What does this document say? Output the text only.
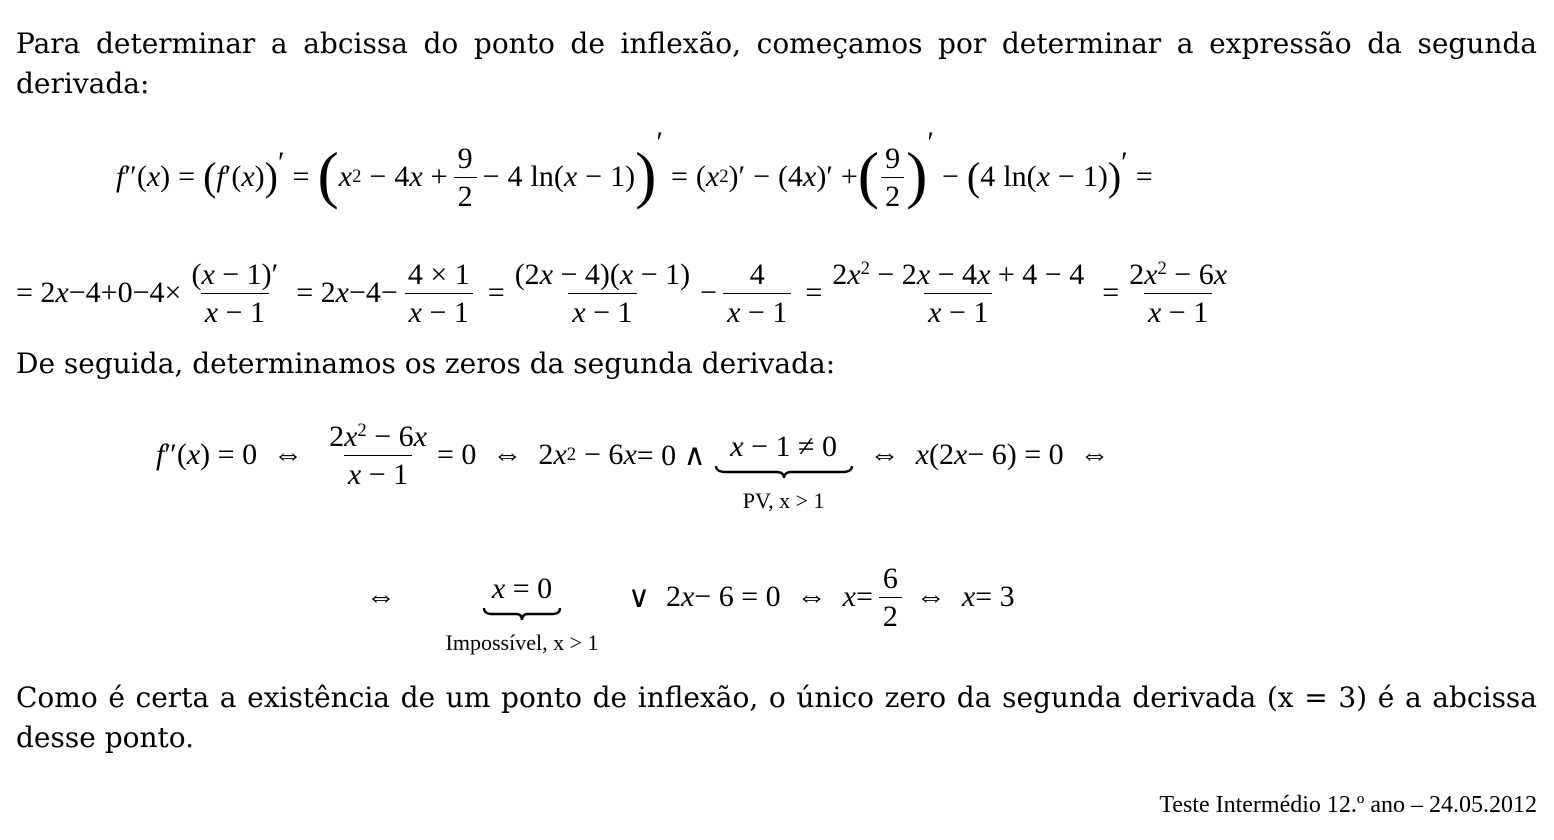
Para determinar a abcissa do ponto de inflexão, começamos por determinar a expressão da segunda derivada:

f ″( x ) = ( f ′( x ) ) ′ = ( x 2 − 4 $x + \frac{9}{2} - 4$ ln( x − 1) ) ′
=
( x 2 )′ − (4 x )′ + ( $\frac{9}{2}$ ) ′
− ( 4 ln( x − 1) ) ′ =
= 2 $x -4+0-4\times \frac{(x - 1)'}{x - 1} = 2$ $x -4- \frac{4 \times 1}{x - 1} = \frac{(2x - 4)(x - 1)}{x - 1} - \frac{4}{x - 1} = \frac{2x^2 - 2x - 4x + 4 - 4}{x - 1} = \frac{2x^2 - 6x}{x - 1}$

De seguida, determinamos os zeros da segunda derivada:

f ″( x ) = 0
⇔ $\frac{2x^2 - 6x}{x - 1} = 0$
⇔
2 x 2 − 6 x = 0 ∧ x − 1 ≠ 0
PV, x > 1
⇔ x (2 x − 6) = 0
⇔
⇔	x = 0
Impossível, x > 1
∨
2 x − 6 = 0
⇔ $x = \frac{6}{2}$ ⇔ x = 3

Como é certa a existência de um ponto de inflexão, o único zero da segunda derivada (x = 3) é a abcissa desse ponto.

Teste Intermédio 12.º ano – 24.05.2012
